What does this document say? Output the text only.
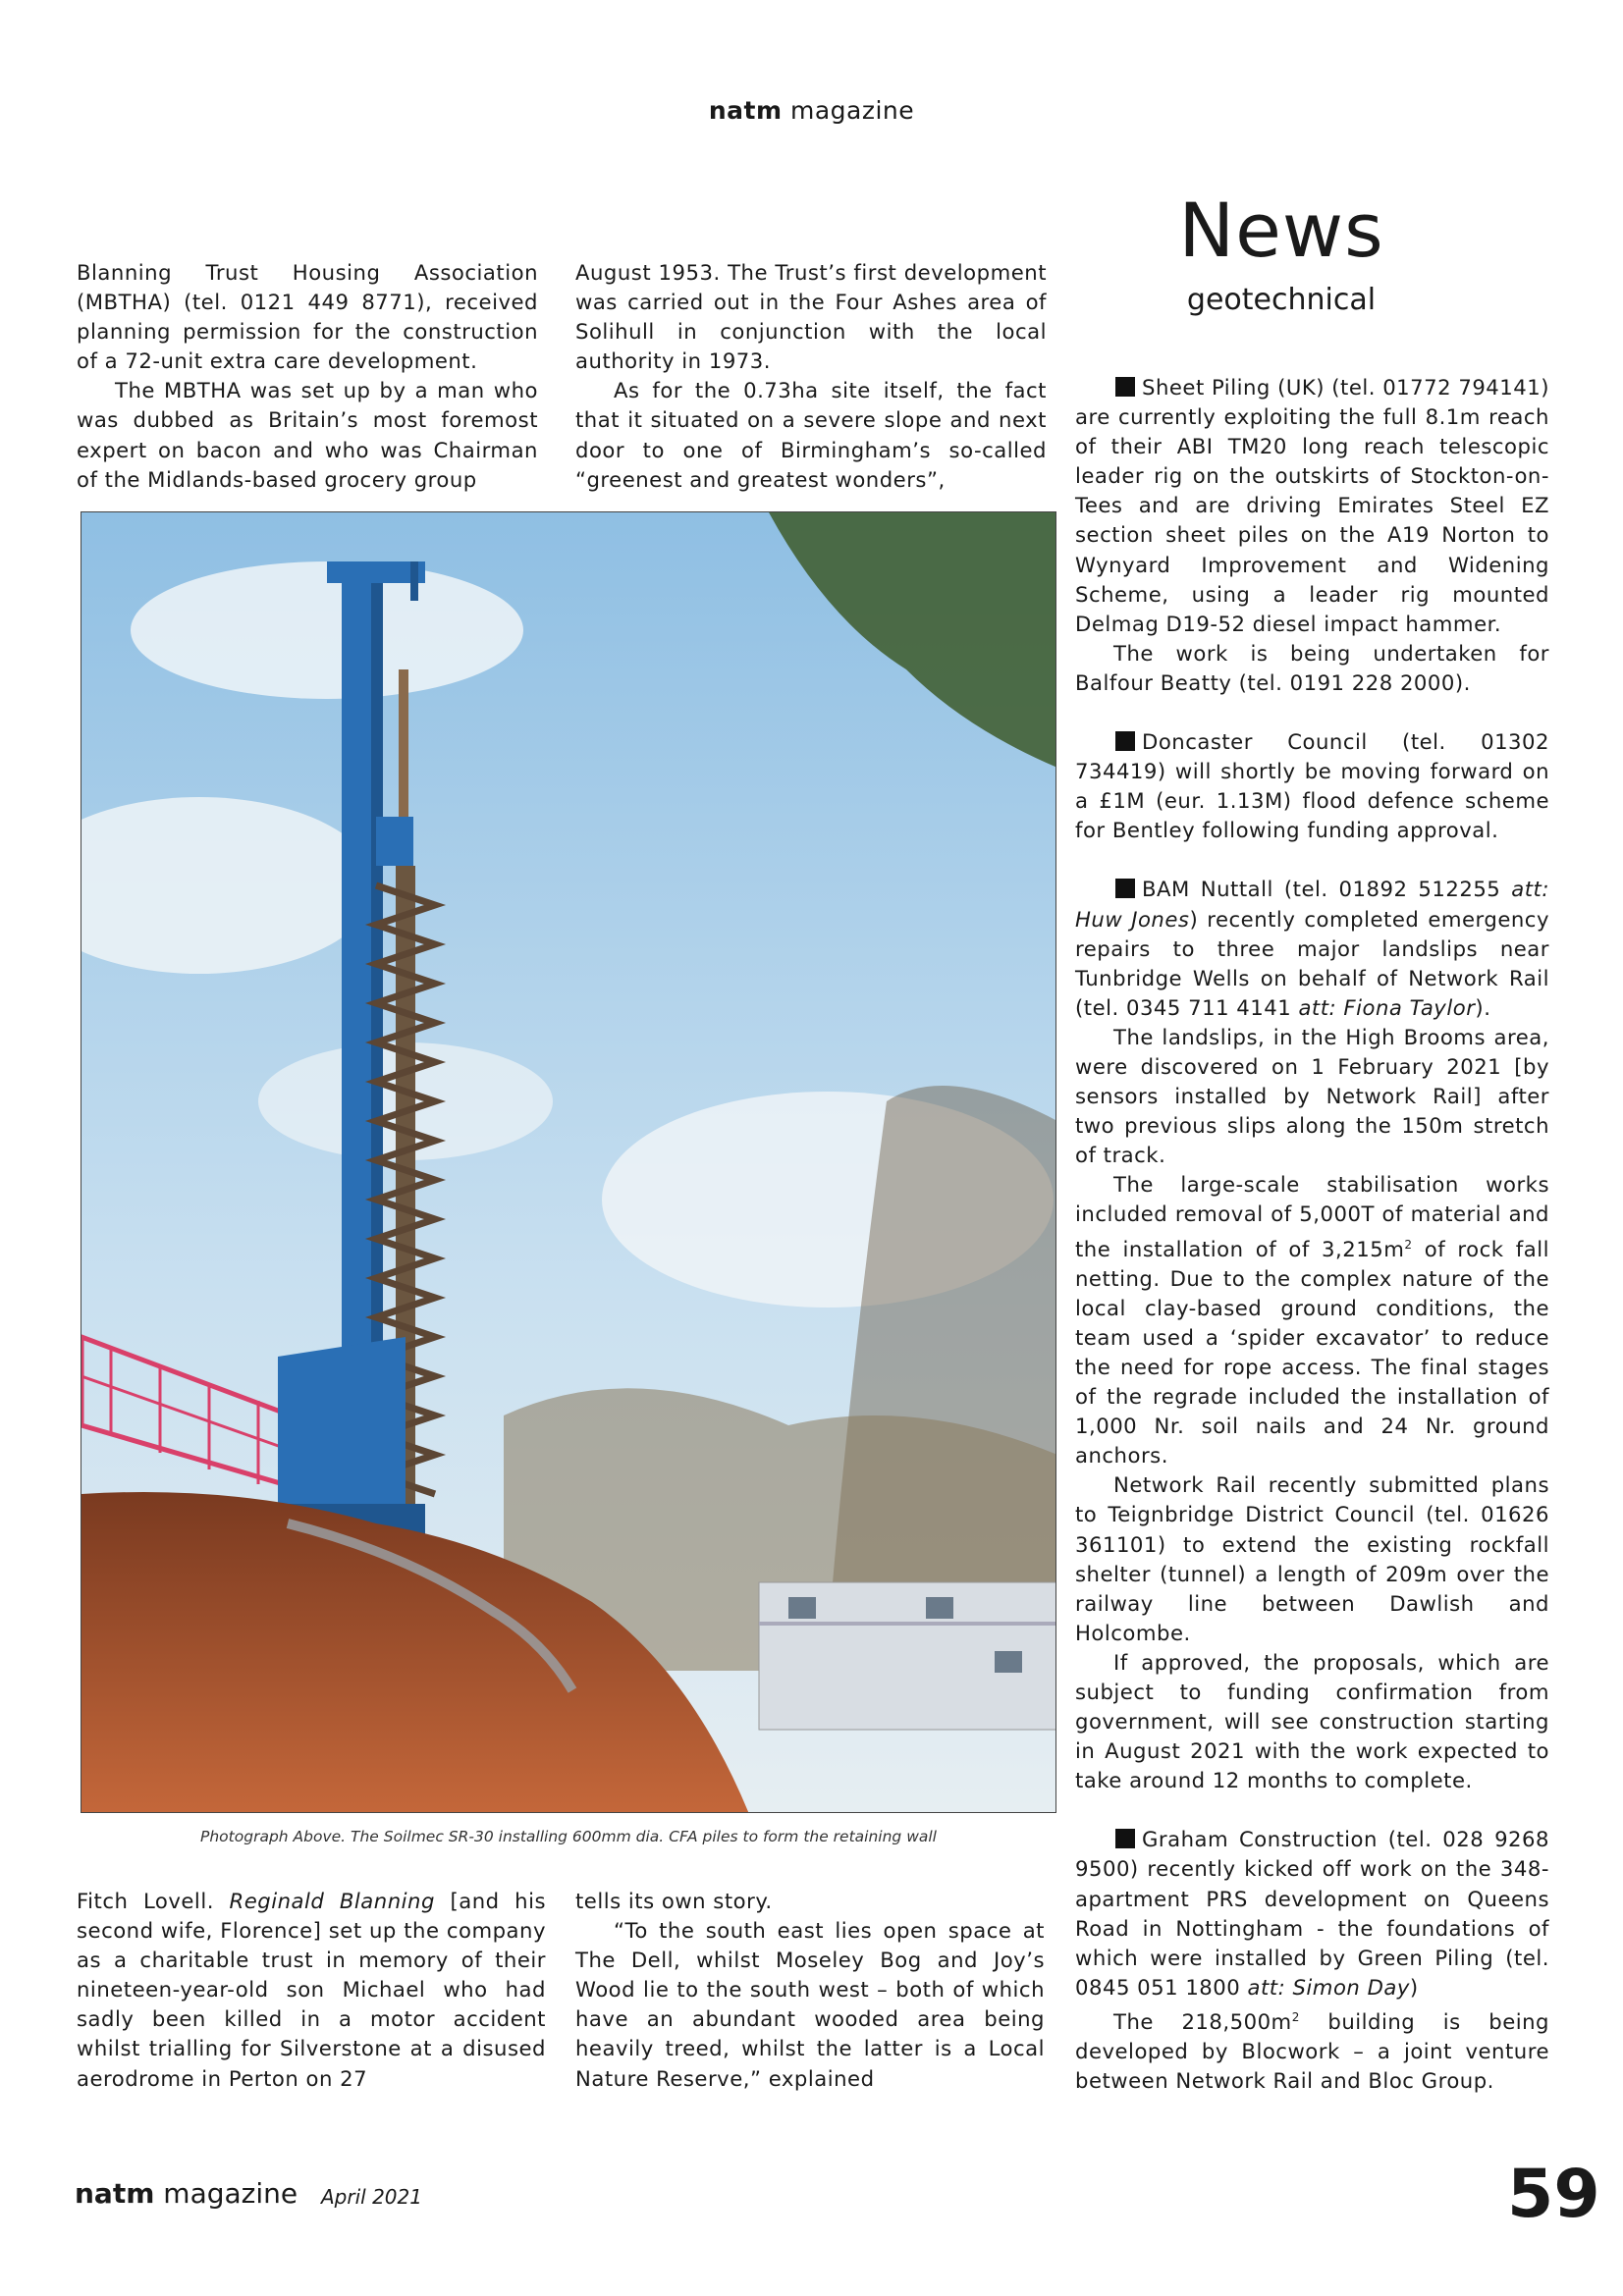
natm magazine
News
geotechnical

Blanning Trust Housing Association (MBTHA) (tel. 0121 449 8771), received planning permission for the construction of a 72-unit extra care development.

The MBTHA was set up by a man who was dubbed as Britain’s most foremost expert on bacon and who was Chairman of the Midlands-based grocery group

August 1953. The Trust’s first development was carried out in the Four Ashes area of Solihull in conjunction with the local authority in 1973.

As for the 0.73ha site itself, the fact that it situated on a severe slope and next door to one of Birmingham’s so-called “greenest and greatest wonders”,

Photograph Above. The Soilmec SR-30 installing 600mm dia. CFA piles to form the retaining wall

Fitch Lovell. Reginald Blanning [and his second wife, Florence] set up the company as a charitable trust in memory of their nineteen-year-old son Michael who had sadly been killed in a motor accident whilst trialling for Silverstone at a disused aerodrome in Perton on 27

tells its own story.

“To the south east lies open space at The Dell, whilst Moseley Bog and Joy’s Wood lie to the south west – both of which have an abundant wooded area being heavily treed, whilst the latter is a Local Nature Reserve,” explained

Sheet Piling (UK) (tel. 01772 794141) are currently exploiting the full 8.1m reach of their ABI TM20 long reach telescopic leader rig on the outskirts of Stockton-on-Tees and are driving Emirates Steel EZ section sheet piles on the A19 Norton to Wynyard Improvement and Widening Scheme, using a leader rig mounted Delmag D19-52 diesel impact hammer.

The work is being undertaken for Balfour Beatty (tel. 0191 228 2000).

Doncaster Council (tel. 01302 734419) will shortly be moving forward on a £1M (eur. 1.13M) flood defence scheme for Bentley following funding approval.

BAM Nuttall (tel. 01892 512255 att: Huw Jones) recently completed emergency repairs to three major landslips near Tunbridge Wells on behalf of Network Rail (tel. 0345 711 4141 att: Fiona Taylor).

The landslips, in the High Brooms area, were discovered on 1 February 2021 [by sensors installed by Network Rail] after two previous slips along the 150m stretch of track.

The large-scale stabilisation works included removal of 5,000T of material and the installation of of $3,215m^2$ of rock fall netting. Due to the complex nature of the local clay-based ground conditions, the team used a ‘spider excavator’ to reduce the need for rope access. The final stages of the regrade included the installation of 1,000 Nr. soil nails and 24 Nr. ground anchors.

Network Rail recently submitted plans to Teignbridge District Council (tel. 01626 361101) to extend the existing rockfall shelter (tunnel) a length of 209m over the railway line between Dawlish and Holcombe.

If approved, the proposals, which are subject to funding confirmation from government, will see construction starting in August 2021 with the work expected to take around 12 months to complete.

Graham Construction (tel. 028 9268 9500) recently kicked off work on the 348-apartment PRS development on Queens Road in Nottingham - the foundations of which were installed by Green Piling (tel. 0845 051 1800 att: Simon Day)

The $218,500m^2$ building is being developed by Blocwork – a joint venture between Network Rail and Bloc Group.

natm magazine April 2021	59
